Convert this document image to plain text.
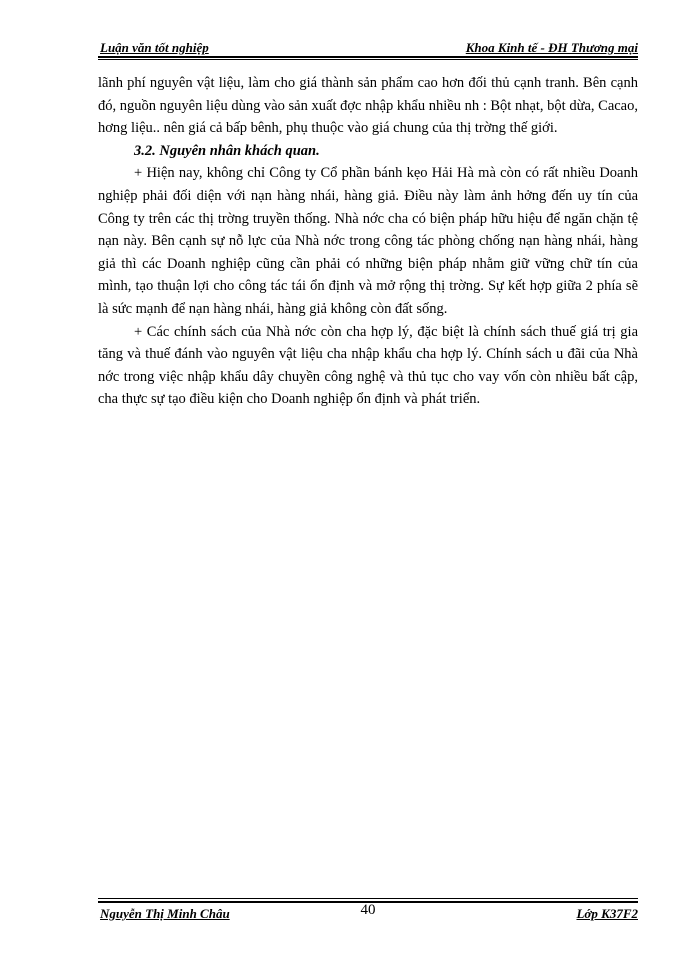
Luận văn tốt nghiệp	Khoa Kinh tế - ĐH Thương mại

lãnh phí nguyên vật liệu, làm cho giá thành sản phẩm cao hơn đối thủ cạnh tranh. Bên cạnh đó, nguồn nguyên liệu dùng vào sản xuất đợc nhập khẩu nhiều nh : Bột nhạt, bột dừa, Cacao, hơng liệu.. nên giá cả bấp bênh, phụ thuộc vào giá chung của thị trờng thế giới.

3.2. Nguyên nhân khách quan.

+ Hiện nay, không chỉ Công ty Cổ phần bánh kẹo Hải Hà mà còn có rất nhiều Doanh nghiệp phải đối diện với nạn hàng nhái, hàng giả. Điều này làm ảnh hởng đến uy tín của Công ty trên các thị trờng truyền thống. Nhà nớc cha có biện pháp hữu hiệu để ngăn chặn tệ nạn này. Bên cạnh sự nỗ lực của Nhà nớc trong công tác phòng chống nạn hàng nhái, hàng giả thì các Doanh nghiệp cũng cần phải có những biện pháp nhằm giữ vững chữ tín của mình, tạo thuận lợi cho công tác tái ổn định và mở rộng thị trờng. Sự kết hợp giữa 2 phía sẽ là sức mạnh để nạn hàng nhái, hàng giả không còn đất sống.

+ Các chính sách của Nhà nớc còn cha hợp lý, đặc biệt là chính sách thuế giá trị gia tăng và thuế đánh vào nguyên vật liệu cha nhập khẩu cha hợp lý. Chính sách u đãi của Nhà nớc trong việc nhập khẩu dây chuyền công nghệ và thủ tục cho vay vốn còn nhiều bất cập, cha thực sự tạo điều kiện cho Doanh nghiệp ổn định và phát triển.

Nguyễn Thị Minh Châu	40	Lớp K37F2
